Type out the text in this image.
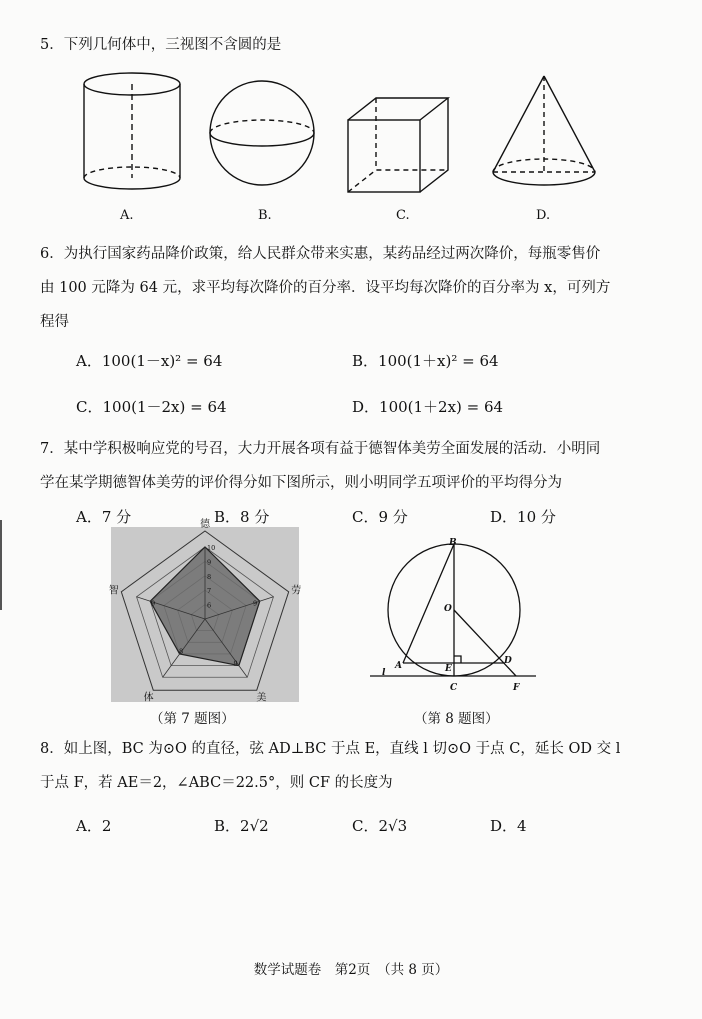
5．下列几何体中，三视图不含圆的是

A.	B.	C.	D.

6．为执行国家药品降价政策，给人民群众带来实惠，某药品经过两次降价，每瓶零售价

由 100 元降为 64 元，求平均每次降价的百分率．设平均每次降价的百分率为 x，可列方

程得

A．100(1－x)² = 64	B．100(1＋x)² = 64
C．100(1－2x) = 64	D．100(1＋2x) = 64

7．某中学积极响应党的号召，大力开展各项有益于德智体美劳全面发展的活动．小明同

学在某学期德智体美劳的评价得分如下图所示，则小明同学五项评价的平均得分为

A．7 分	B．8 分	C．9 分	D．10 分
10
9
8
7
6	9
9
8
9
德
劳
美
体
智
（第 7 题图）
B
O
A	E
D
C	F
l
（第 8 题图）

8．如上图，BC 为⊙O 的直径，弦 AD⊥BC 于点 E，直线 l 切⊙O 于点 C，延长 OD 交 l

于点 F，若 AE＝2，∠ABC＝22.5°，则 CF 的长度为

A．2	B．2√2	C．2√3	D．4
数学试题卷　第2页　（共 8 页）
